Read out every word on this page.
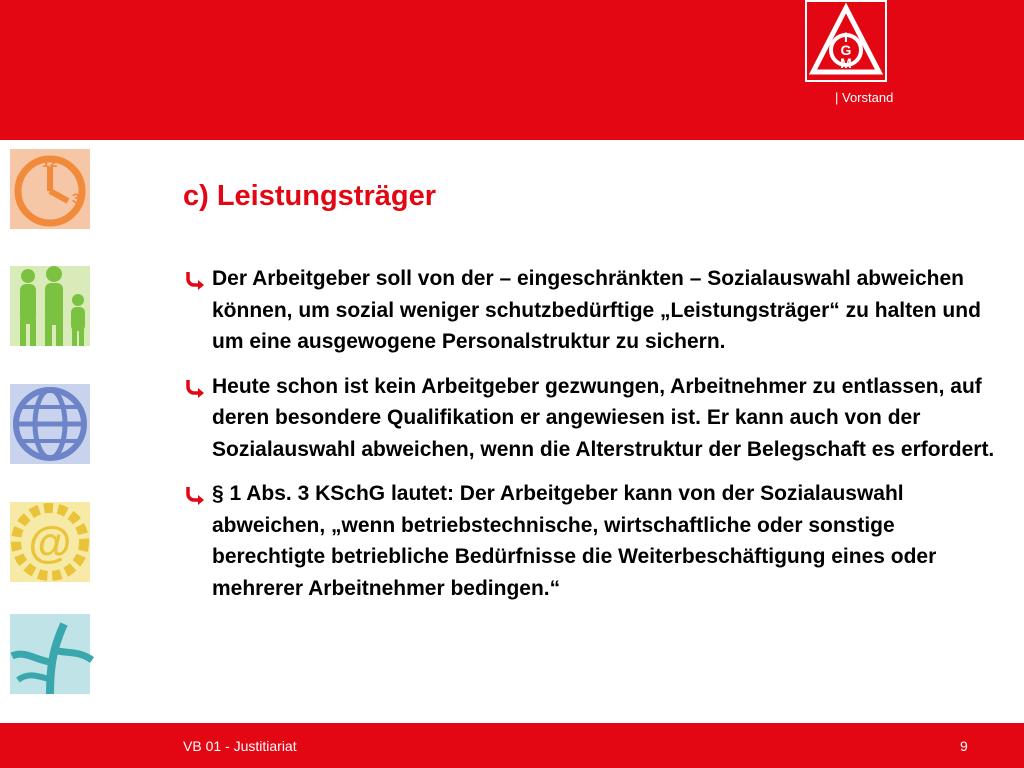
I
G
M
| Vorstand
12
3
@
c) Leistungsträger
Der Arbeitgeber soll von der – eingeschränkten – Sozialauswahl abweichen können, um sozial weniger schutzbedürftige „Leistungsträger“ zu halten und um eine ausgewogene Personalstruktur zu sichern.
Heute schon ist kein Arbeitgeber gezwungen, Arbeitnehmer zu entlassen, auf deren besondere Qualifikation er angewiesen ist. Er kann auch von der Sozialauswahl abweichen, wenn die Alterstruktur der Belegschaft es erfordert.
§ 1 Abs. 3 KSchG lautet: Der Arbeitgeber kann von der Sozialauswahl abweichen, „wenn betriebstechnische, wirtschaftliche oder sonstige berechtigte betriebliche Bedürfnisse die Weiterbeschäftigung eines oder mehrerer Arbeitnehmer bedingen.“
VB 01 - Justitiariat	9
